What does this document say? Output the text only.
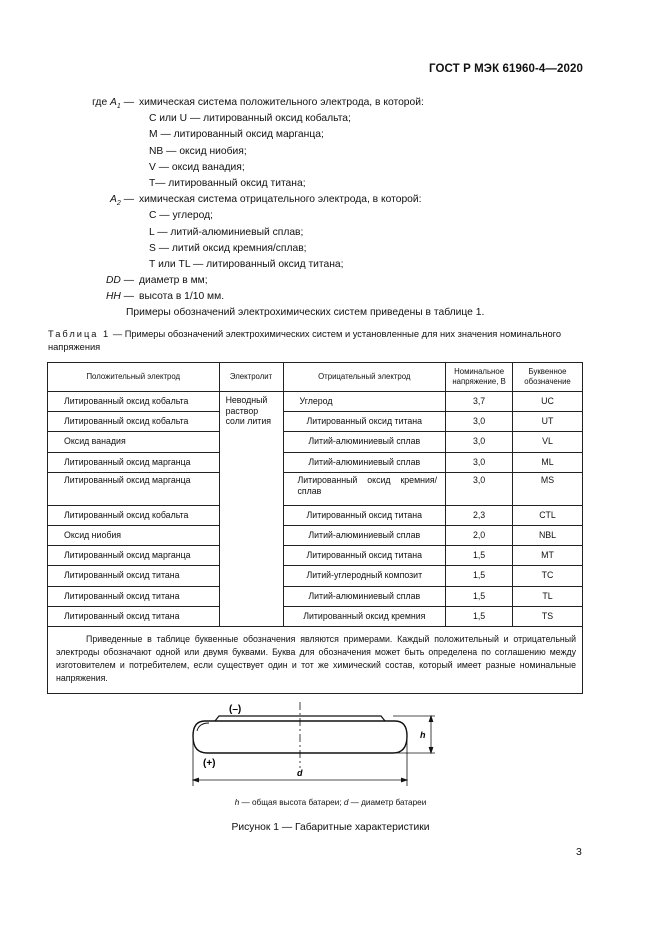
ГОСТ Р МЭК 61960-4—2020
где $A_1$ — химическая система положительного электрода, в которой:
С или U — литированный оксид кобальта;
М — литированный оксид марганца;
NB — оксид ниобия;
V — оксид ванадия;
Т— литированный оксид титана;
$A_2$ — химическая система отрицательного электрода, в которой:
С — углерод;
L — литий-алюминиевый сплав;
S — литий оксид кремния/сплав;
Т или TL — литированный оксид титана;
DD — диаметр в мм;
НН — высота в 1/10 мм.
Примеры обозначений электрохимических систем приведены в таблице 1.
Таблица 1 — Примеры обозначений электрохимических систем и установленные для них значения номинального напряжения
Положительный электрод	Электролит	Отрицательный электрод	Номинальное напряжение, В	Буквенное обозначение
Литированный оксид кобальта	Неводный раствор соли лития	Углерод	3,7	UC
Литированный оксид кобальта		Литированный оксид титана	3,0	UT
Оксид ванадия		Литий-алюминиевый сплав	3,0	VL
Литированный оксид марганца		Литий-алюминиевый сплав	3,0	ML
Литированный оксид марганца		Литированный оксид кремния/сплав	3,0	MS
Литированный оксид кобальта		Литированный оксид титана	2,3	CTL
Оксид ниобия		Литий-алюминиевый сплав	2,0	NBL
Литированный оксид марганца		Литированный оксид титана	1,5	MT
Литированный оксид титана		Литий-углеродный композит	1,5	TC
Литированный оксид титана		Литий-алюминиевый сплав	1,5	TL
Литированный оксид титана		Литированный оксид кремния	1,5	TS
Приведенные в таблице буквенные обозначения являются примерами. Каждый положительный и отрицательный электроды обозначают одной или двумя буквами. Буква для обозначения может быть определена по соглашению между изготовителем и потребителем, если существует один и тот же химический состав, который имеет разные номинальные напряжения.				
(–)
(+)
h
d
h — общая высота батареи; d — диаметр батареи
Рисунок 1 — Габаритные характеристики
3
